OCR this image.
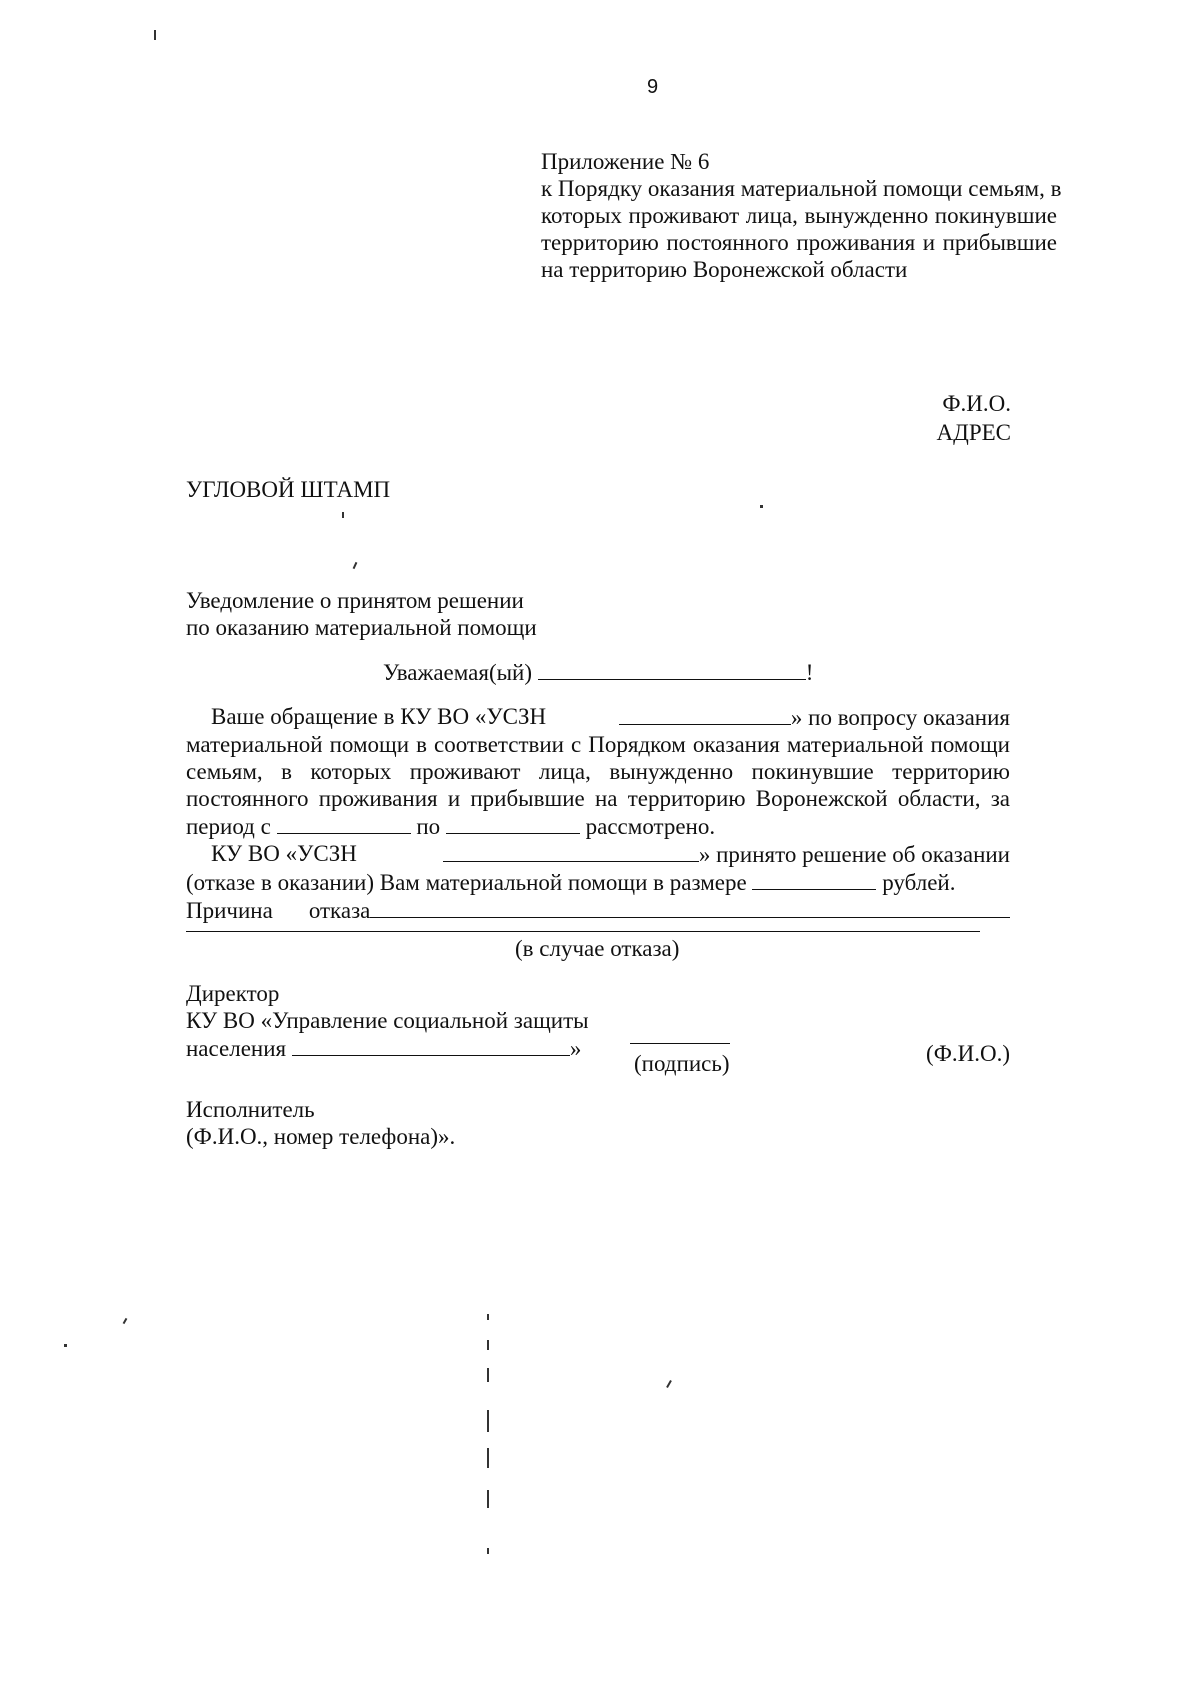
9
Приложение № 6
к Порядку оказания материальной помощи семьям, в
которых проживают лица, вынужденно покинувшие
территорию постоянного проживания и прибывшие
на территорию Воронежской области
Ф.И.О.
АДРЕС
УГЛОВОЙ ШТАМП
Уведомление о принятом решении
по оказанию материальной помощи
Уважаемая(ый)	!
Ваше обращение в КУ ВО «УСЗН	» по вопросу оказания
материальной помощи в соответствии с Порядком оказания материальной помощи
семьям, в которых проживают лица, вынужденно покинувшие территорию
постоянного проживания и прибывшие на территорию Воронежской области, за
период с	по	рассмотрено.
КУ ВО «УСЗН	» принято решение об оказании
(отказе в оказании) Вам материальной помощи в размере	рублей.
Причина отказа
(в случае отказа)
Директор
КУ ВО «Управление социальной защиты
населения	»
(подпись)	(Ф.И.О.)
Исполнитель
(Ф.И.О., номер телефона)».
